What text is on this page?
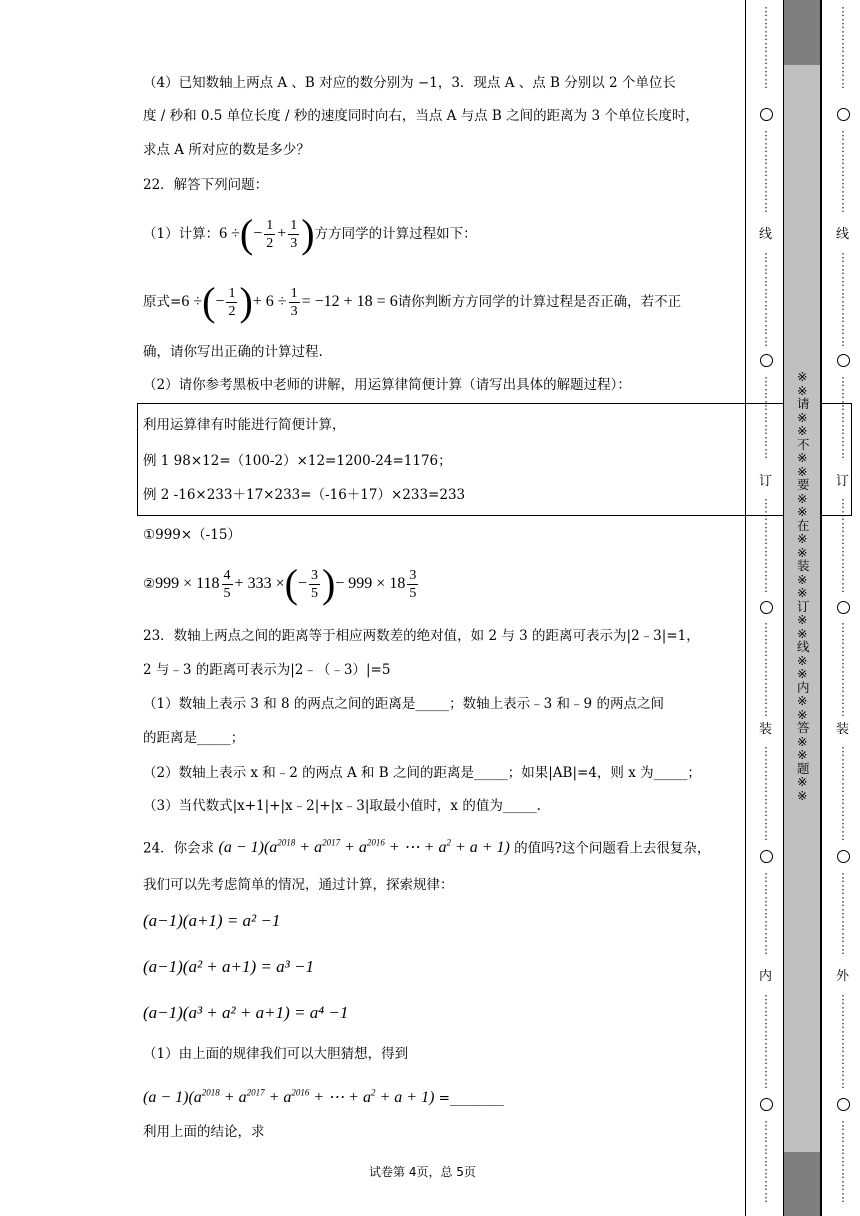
（4）已知数轴上两点 A 、B 对应的数分别为 −1，3．现点 A 、点 B 分别以 2 个单位长
度 / 秒和 0.5 单位长度 / 秒的速度同时向右，当点 A 与点 B 之间的距离为 3 个单位长度时，
求点 A 所对应的数是多少？
22．解答下列问题：
（1）计算： 6 ÷ ( − $\frac{1}{2} + \frac{1}{3}$ ) 方方同学的计算过程如下：
原式= 6 ÷ ( − $\frac{1}{2}$ ) + $6 \div \frac{1}{3} = -12 + 18 = 6$ 请你判断方方同学的计算过程是否正确，若不正
确，请你写出正确的计算过程.
（2）请你参考黑板中老师的讲解，用运算律简便计算（请写出具体的解题过程）：
利用运算律有时能进行简便计算，
例 1 98×12=（100-2）×12=1200-24=1176；
例 2 -16×233＋17×233=（-16＋17）×233=233
①999×（-15）
② $999 \times 118 \frac{4}{5} + 333$ × ( − $\frac{3}{5}$ ) − $999 \times 18 \frac{3}{5}$
23．数轴上两点之间的距离等于相应两数差的绝对值，如 2 与 3 的距离可表示为|2﹣3|=1，
2 与﹣3 的距离可表示为|2﹣（﹣3）|=5
（1）数轴上表示 3 和 8 的两点之间的距离是_____；数轴上表示﹣3 和﹣9 的两点之间
的距离是_____；
（2）数轴上表示 x 和﹣2 的两点 A 和 B 之间的距离是_____；如果|AB|=4，则 x 为_____；
（3）当代数式|x+1|+|x﹣2|+|x﹣3|取最小值时，x 的值为_____.
24．你会求 $(a - 1)(a^{2018} + a^{2017} + a^{2016}$ + ⋯ + $a^2 + a + 1$) 的值吗?这个问题看上去很复杂，
我们可以先考虑简单的情况，通过计算，探索规律：
(a−1)(a+1) = a² −1
(a−1)(a² + a+1) = a³ −1
(a−1)(a³ + a² + a+1) = a⁴ −1
（1）由上面的规律我们可以大胆猜想，得到
$(a - 1)(a^{2018} + a^{2017} + a^{2016}$ + ⋯ + $a^2 + a + 1$) =________
利用上面的结论，求
试卷第 4页，总 5页
※※请※※不※※要※※在※※装※※订※※线※※内※※答※※题※※
⋮
⋮
⋮
⋮
⋮
⋮
⋮
⋮
⋮
⋮
⋮
⋮
⋮
⋮
线
⋮
⋮
⋮
⋮
⋮
⋮
⋮
⋮
⋮
⋮
⋮
⋮
⋮
⋮
⋮
订
⋮
⋮
⋮
⋮
⋮
⋮
⋮
⋮
⋮
⋮
⋮
⋮
⋮
⋮
⋮
⋮
装
⋮
⋮
⋮
⋮
⋮
⋮
⋮
⋮
⋮
⋮
⋮
⋮
⋮
⋮
⋮
内
⋮
⋮
⋮
⋮
⋮
⋮
⋮
⋮
⋮
⋮
⋮
⋮
⋮
⋮
⋮
⋮
⋮
⋮
⋮
⋮
⋮
⋮
⋮
⋮
⋮
⋮
⋮
⋮
⋮
线
⋮
⋮
⋮
⋮
⋮
⋮
⋮
⋮
⋮
⋮
⋮
⋮
⋮
⋮
⋮
订
⋮
⋮
⋮
⋮
⋮
⋮
⋮
⋮
⋮
⋮
⋮
⋮
⋮
⋮
⋮
⋮
装
⋮
⋮
⋮
⋮
⋮
⋮
⋮
⋮
⋮
⋮
⋮
⋮
⋮
⋮
⋮
外
⋮
⋮
⋮
⋮
⋮
⋮
⋮
⋮
⋮
⋮
⋮
⋮
⋮
⋮
⋮
